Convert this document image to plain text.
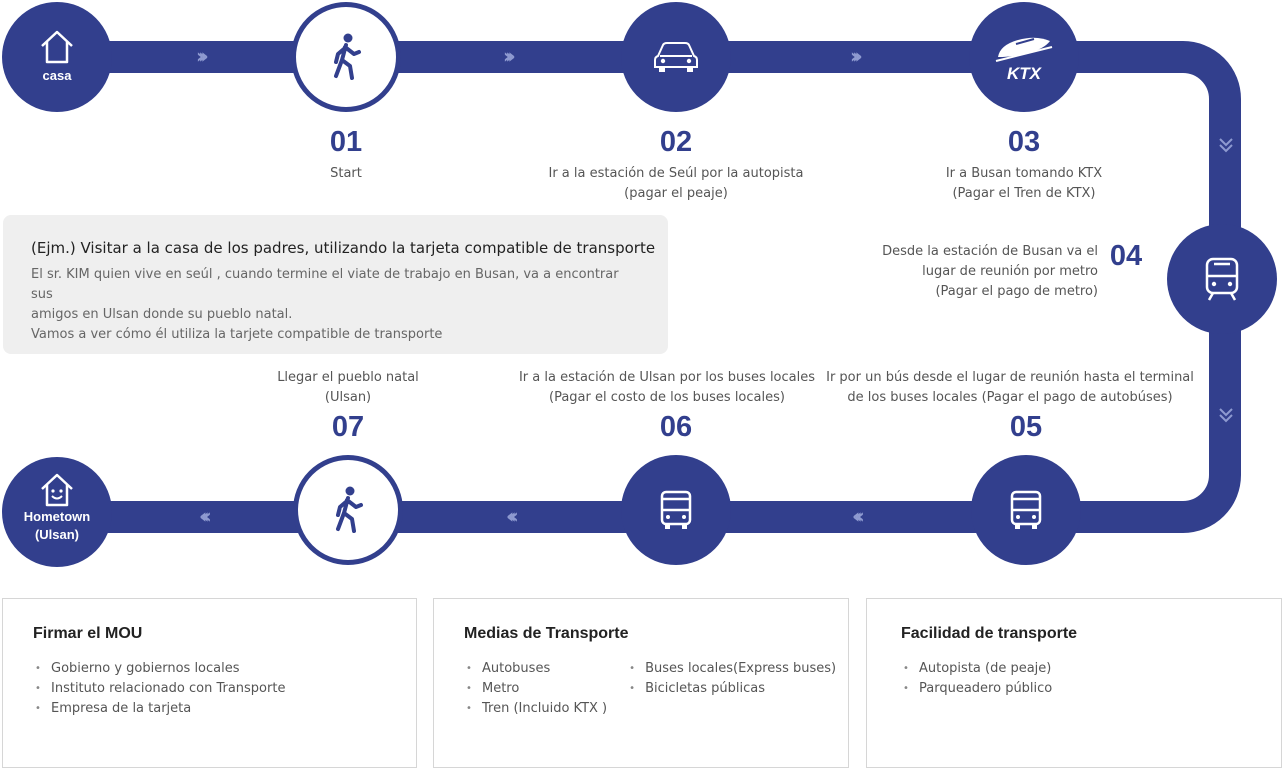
›››	›››	›››
‹‹‹	‹‹‹	‹‹‹
casa	KTX
Hometown
(Ulsan)
01	02	03
04
05
06
07
Start	Ir a la estación de Seúl por la autopista
(pagar el peaje)
Ir a Busan tomando KTX
(Pagar el Tren de KTX)
Desde la estación de Busan va el
lugar de reunión por metro
(Pagar el pago de metro)
Ir por un bús desde el lugar de reunión hasta el terminal
de los buses locales (Pagar el pago de autobúses)
Ir a la estación de Ulsan por los buses locales
(Pagar el costo de los buses locales)
Llegar el pueblo natal
(Ulsan)
(Ejm.) Visitar a la casa de los padres, utilizando la tarjeta compatible de transporte
El sr. KIM quien vive en seúl , cuando termine el viate de trabajo en Busan, va a encontrar sus
amigos en Ulsan donde su pueblo natal.
Vamos a ver cómo él utiliza la tarjete compatible de transporte
Firmar el MOU
• Gobierno y gobiernos locales
• Instituto relacionado con Transporte
• Empresa de la tarjeta
Medias de Transporte
• Autobuses
• Metro
• Tren (Incluido KTX )
• Buses locales(Express buses)
• Bicicletas públicas
Facilidad de transporte
• Autopista (de peaje)
• Parqueadero público
